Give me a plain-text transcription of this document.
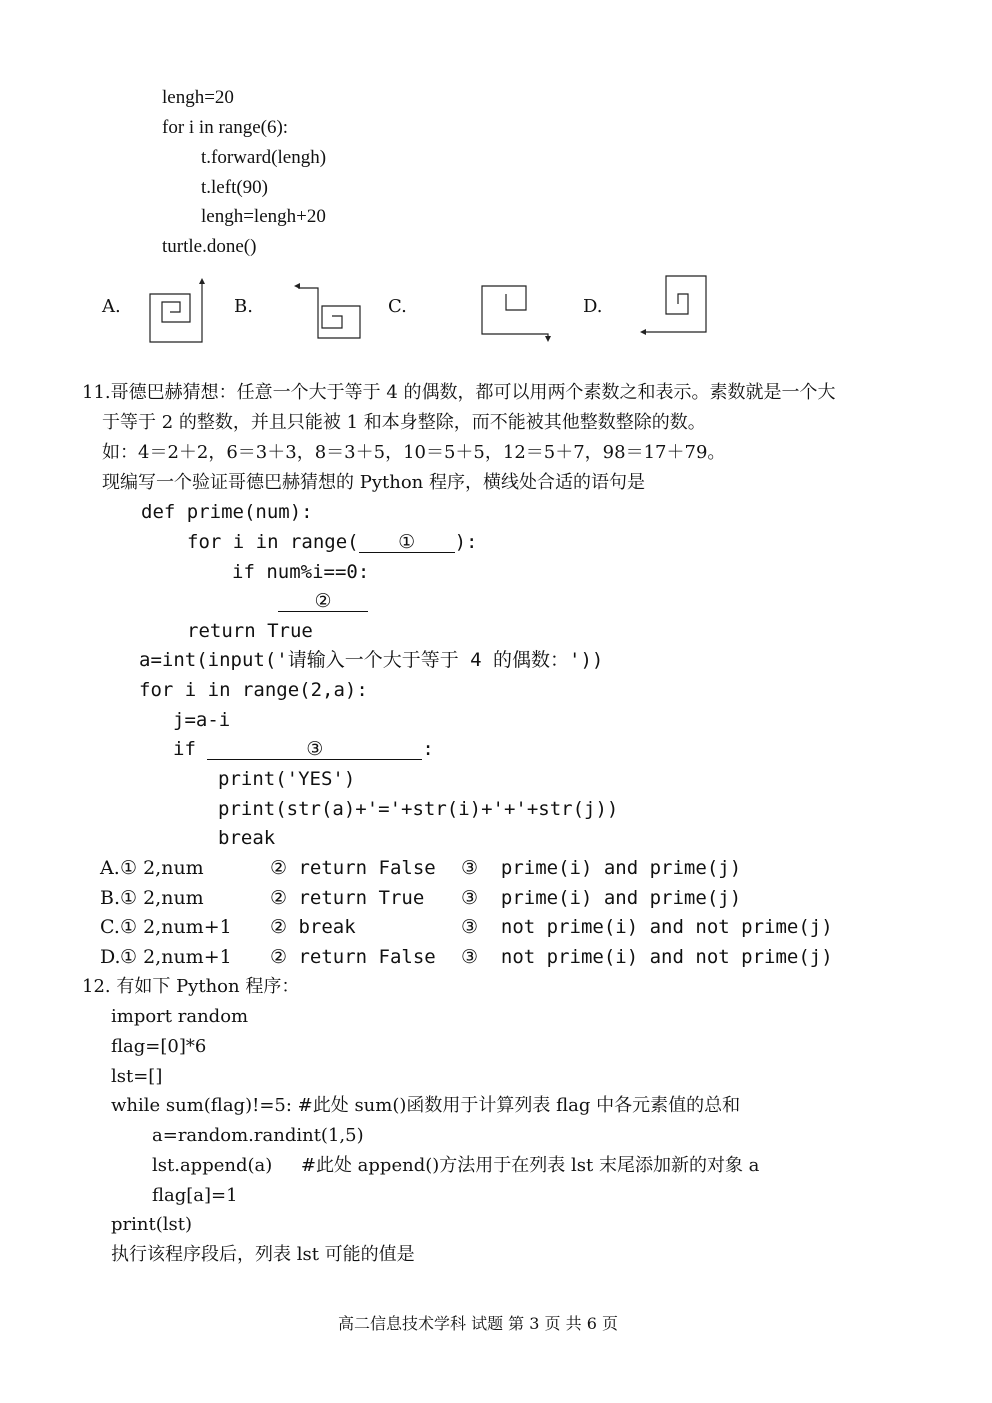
lengh=20
for i in range(6):
t.forward(lengh)
t.left(90)
lengh=lengh+20
turtle.done()
A.	B.	C.	D.
11.哥德巴赫猜想：任意一个大于等于 4 的偶数，都可以用两个素数之和表示。素数就是一个大
于等于 2 的整数，并且只能被 1 和本身整除，而不能被其他整数整除的数。
如：4＝2＋2，6＝3＋3，8＝3＋5，10＝5＋5，12＝5＋7，98＝17＋79。
现编写一个验证哥德巴赫猜想的 Python 程序，横线处合适的语句是
def prime(num):
for i in range( ① ):
if num%i==0:
②
return True
a=int(input('请输入一个大于等于 4 的偶数：'))
for i in range(2,a):
j=a-i
if	③	:
print('YES')
print(str(a)+'='+str(i)+'+'+str(j))
break
A. ① 2,num	② return False ③  prime(i) and prime(j)
B. ① 2,num	② return True ③  prime(i) and prime(j)
C. ① 2,num+1 ② break	③  not prime(i) and not prime(j)
D. ① 2,num+1 ② return False ③  not prime(i) and not prime(j)
12. 有如下 Python 程序：
import random
flag=[0]*6
lst=[]
while sum(flag)!=5: #此处 sum()函数用于计算列表 flag 中各元素值的总和
a=random.randint(1,5)
lst.append(a)     #此处 append()方法用于在列表 lst 末尾添加新的对象 a
flag[a]=1
print(lst)
执行该程序段后，列表 lst 可能的值是
高二信息技术学科 试题 第 3 页 共 6 页
